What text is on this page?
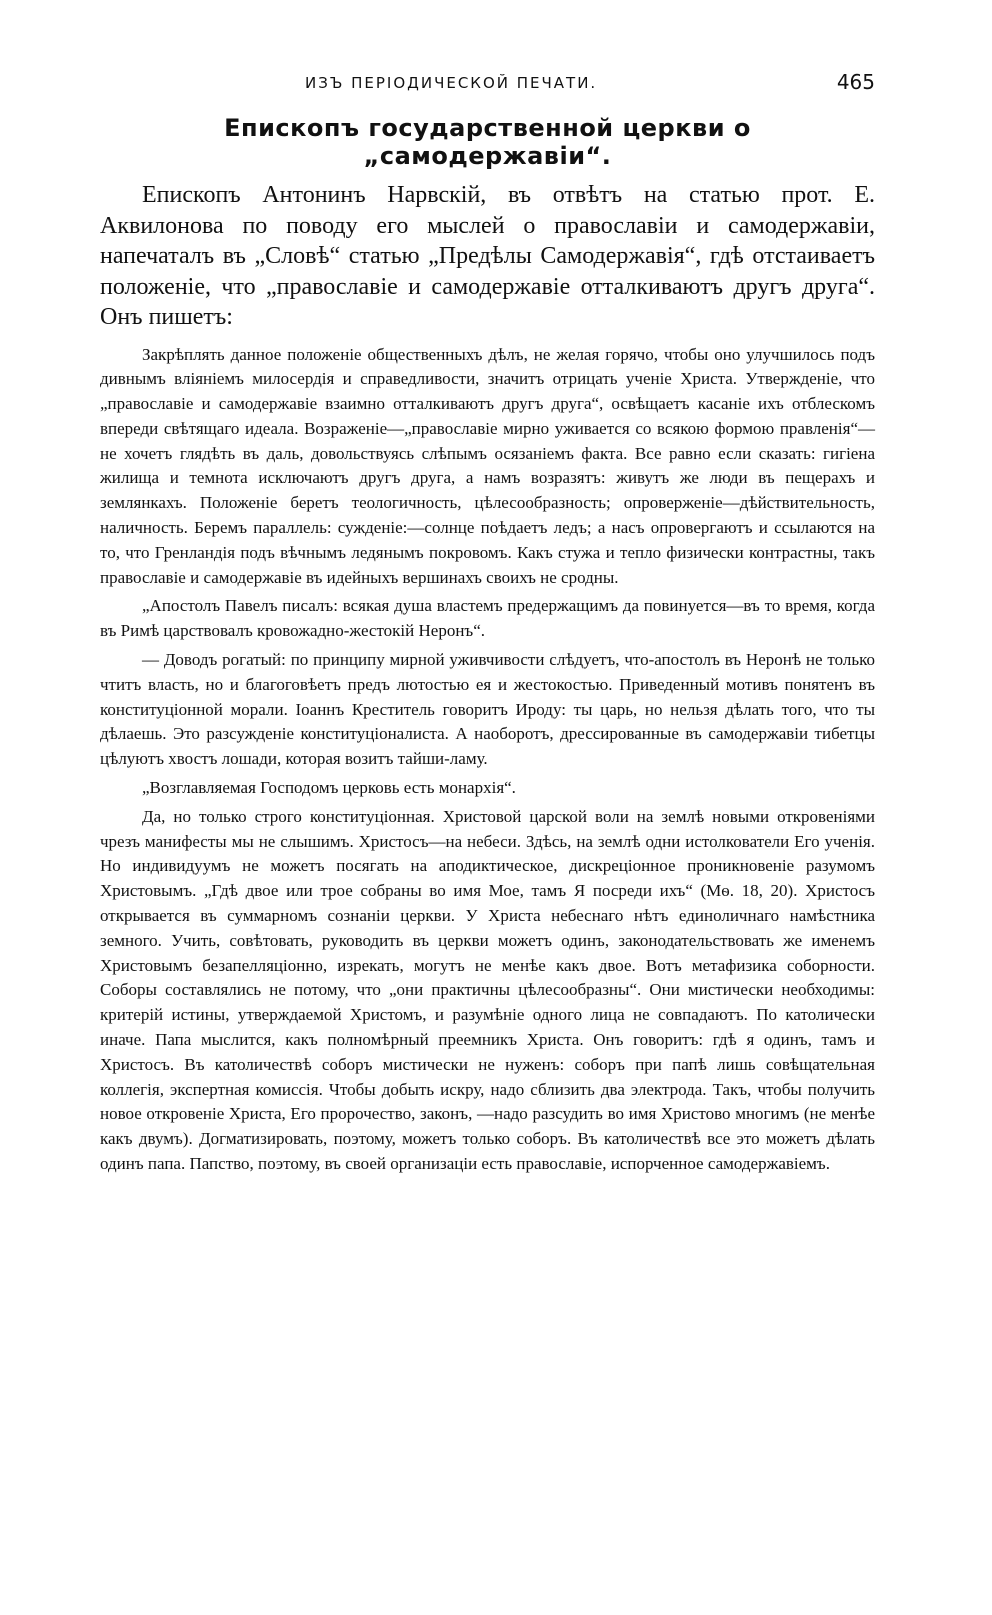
ИЗЪ ПЕРІОДИЧЕСКОЙ ПЕЧАТИ.	465
Епископъ государственной церкви о „самодержавіи“.

Епископъ Антонинъ Нарвскій, въ отвѣтъ на статью прот. Е. Аквилонова по поводу его мыслей о православіи и самодержавіи, напечаталъ въ „Словѣ“ статью „Предѣлы Самодержавія“, гдѣ отстаиваетъ положеніе, что „православіе и самодержавіе отталкиваютъ другъ друга“. Онъ пишетъ:

Закрѣплять данное положеніе общественныхъ дѣлъ, не желая горячо, чтобы оно улучшилось подъ дивнымъ вліяніемъ милосердія и справедливости, значитъ отрицать ученіе Христа. Утвержденіе, что „православіе и самодержавіе взаимно отталкиваютъ другъ друга“, освѣщаетъ касаніе ихъ отблескомъ впереди свѣтящаго идеала. Возраженіе—„православіе мирно уживается со всякою формою правленія“—не хочетъ глядѣть въ даль, довольствуясь слѣпымъ осязаніемъ факта. Все равно если сказать: гигіена жилища и темнота исключаютъ другъ друга, а намъ возразятъ: живутъ же люди въ пещерахъ и землянкахъ. Положеніе беретъ теологичность, цѣлесообразность; опроверженіе—дѣйствительность, наличность. Беремъ параллель: сужденіе:—солнце поѣдаетъ ледъ; а насъ опровергаютъ и ссылаются на то, что Гренландія подъ вѣчнымъ ледянымъ покровомъ. Какъ стужа и тепло физически контрастны, такъ православіе и самодержавіе въ идейныхъ вершинахъ своихъ не сродны.

„Апостолъ Павелъ писалъ: всякая душа властемъ предержащимъ да повинуется—въ то время, когда въ Римѣ царствовалъ кровожадно-жестокій Неронъ“.

— Доводъ рогатый: по принципу мирной уживчивости слѣдуетъ, что-апостолъ въ Неронѣ не только чтитъ власть, но и благоговѣетъ предъ лютостью ея и жестокостью. Приведенный мотивъ понятенъ въ конституціонной морали. Іоаннъ Креститель говоритъ Ироду: ты царь, но нельзя дѣлать того, что ты дѣлаешь. Это разсужденіе конституціоналиста. А наоборотъ, дрессированные въ самодержавіи тибетцы цѣлуютъ хвостъ лошади, которая возитъ тайши-ламу.

„Возглавляемая Господомъ церковь есть монархія“.

Да, но только строго конституціонная. Христовой царской воли на землѣ новыми откровеніями чрезъ манифесты мы не слышимъ. Христосъ—на небеси. Здѣсь, на землѣ одни истолкователи Его ученія. Но индивидуумъ не можетъ посягать на аподиктическое, дискреціонное проникновеніе разумомъ Христовымъ. „Гдѣ двое или трое собраны во имя Мое, тамъ Я посреди ихъ“ (Мѳ. 18, 20). Христосъ открывается въ суммарномъ сознаніи церкви. У Христа небеснаго нѣтъ единоличнаго намѣстника земного. Учить, совѣтовать, руководить въ церкви можетъ одинъ, законодательствовать же именемъ Христовымъ безапелляціонно, изрекать, могутъ не менѣе какъ двое. Вотъ метафизика соборности. Соборы составлялись не потому, что „они практичны цѣлесообразны“. Они мистически необходимы: критерій истины, утверждаемой Христомъ, и разумѣніе одного лица не совпадаютъ. По католически иначе. Папа мыслится, какъ полномѣрный преемникъ Христа. Онъ говоритъ: гдѣ я одинъ, тамъ и Христосъ. Въ католичествѣ соборъ мистически не нуженъ: соборъ при папѣ лишь совѣщательная коллегія, экспертная комиссія. Чтобы добыть искру, надо сблизить два электрода. Такъ, чтобы получить новое откровеніе Христа, Его пророчество, законъ, —надо разсудить во имя Христово многимъ (не менѣе какъ двумъ). Догматизировать, поэтому, можетъ только соборъ. Въ католичествѣ все это можетъ дѣлать одинъ папа. Папство, поэтому, въ своей организаціи есть православіе, испорченное самодержавіемъ.
